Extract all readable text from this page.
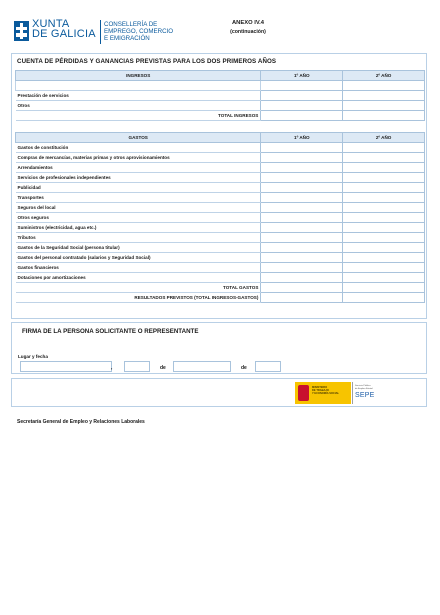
XUNTA
DE GALICIA
CONSELLERÍA DE
EMPREGO, COMERCIO
E EMIGRACIÓN
ANEXO IV.4
(continuación)
CUENTA DE PÉRDIDAS Y GANANCIAS PREVISTAS PARA LOS DOS PRIMEROS AÑOS
INGRESOS	1º AÑO	2º AÑO

Prestación de servicios		
Otros		
TOTAL INGRESOS		
GASTOS	1º AÑO	2º AÑO
Gastos de constitución		
Compras de mercancías, materias primas y otros aprovisionamientos		
Arrendamientos		
Servicios de profesionales independientes		
Publicidad		
Transportes		
Seguros del local		
Otros seguros		
Suministros (electricidad, agua etc.)		
Tributos		
Gastos de la Seguridad Social (persona titular)		
Gastos del personal contratado (salarios y Seguridad Social)		
Gastos financieros		
Dotaciones por amortizaciones		
TOTAL GASTOS		
RESULTADOS PREVISTOS (TOTAL INGRESOS-GASTOS)		
FIRMA DE LA PERSONA SOLICITANTE O REPRESENTANTE
Lugar y fecha
,	de	de
MINISTERIO
DE TRABAJO
Y ECONOMÍA SOCIAL
Servicio Público
de Empleo Estatal
SEPE
Secretaría General de Empleo y Relaciones Laborales
